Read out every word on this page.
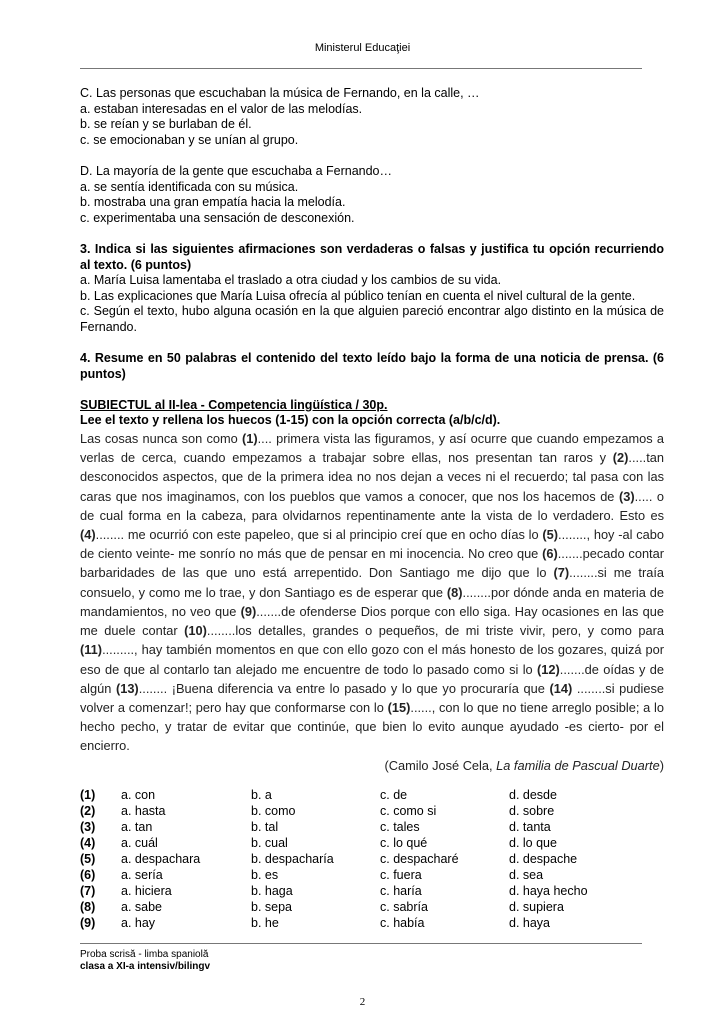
Ministerul Educaţiei

C. Las personas que escuchaban la música de Fernando, en la calle, …

a. estaban interesadas en el valor de las melodías.

b. se reían y se burlaban de él.

c. se emocionaban y se unían al grupo.

D. La mayoría de la gente que escuchaba a Fernando…

a. se sentía identificada con su música.

b. mostraba una gran empatía hacia la melodía.

c. experimentaba una sensación de desconexión.

3. Indica si las siguientes afirmaciones son verdaderas o falsas y justifica tu opción recurriendo al texto. (6 puntos)

a. María Luisa lamentaba el traslado a otra ciudad y los cambios de su vida.

b. Las explicaciones que María Luisa ofrecía al público tenían en cuenta el nivel cultural de la gente.

c. Según el texto, hubo alguna ocasión en la que alguien pareció encontrar algo distinto en la música de Fernando.

4. Resume en 50 palabras el contenido del texto leído bajo la forma de una noticia de prensa. (6 puntos)

SUBIECTUL al II-lea - Competencia lingüística / 30p.

Lee el texto y rellena los huecos (1-15) con la opción correcta (a/b/c/d).

Las cosas nunca son como (1).... primera vista las figuramos, y así ocurre que cuando empezamos a verlas de cerca, cuando empezamos a trabajar sobre ellas, nos presentan tan raros y (2).....tan desconocidos aspectos, que de la primera idea no nos dejan a veces ni el recuerdo; tal pasa con las caras que nos imaginamos, con los pueblos que vamos a conocer, que nos los hacemos de (3)..... o de cual forma en la cabeza, para olvidarnos repentinamente ante la vista de lo verdadero. Esto es (4)........ me ocurrió con este papeleo, que si al principio creí que en ocho días lo (5)........, hoy -al cabo de ciento veinte- me sonrío no más que de pensar en mi inocencia. No creo que (6).......pecado contar barbaridades de las que uno está arrepentido. Don Santiago me dijo que lo (7)........si me traía consuelo, y como me lo trae, y don Santiago es de esperar que (8)........por dónde anda en materia de mandamientos, no veo que (9).......de ofenderse Dios porque con ello siga. Hay ocasiones en las que me duele contar (10)........los detalles, grandes o pequeños, de mi triste vivir, pero, y como para (11)........., hay también momentos en que con ello gozo con el más honesto de los gozares, quizá por eso de que al contarlo tan alejado me encuentre de todo lo pasado como si lo (12).......de oídas y de algún (13)........ ¡Buena diferencia va entre lo pasado y lo que yo procuraría que (14) ........si pudiese volver a comenzar!; pero hay que conformarse con lo (15)......, con lo que no tiene arreglo posible; a lo hecho pecho, y tratar de evitar que continúe, que bien lo evito aunque ayudado -es cierto- por el encierro.

(Camilo José Cela, La familia de Pascual Duarte)

(1)	a. con	b. a	c. de	d. desde
(2)	a. hasta	b. como	c. como si	d. sobre
(3)	a. tan	b. tal	c. tales	d. tanta
(4)	a. cuál	b. cual	c. lo qué	d. lo que
(5)	a. despachara	b. despacharía	c. despacharé	d. despache
(6)	a. sería	b. es	c. fuera	d. sea
(7)	a. hiciera	b. haga	c. haría	d. haya hecho
(8)	a. sabe	b. sepa	c. sabría	d. supiera
(9)	a. hay	b. he	c. había	d. haya
Proba scrisă - limba spaniolă
clasa a XI-a intensiv/bilingv
2
